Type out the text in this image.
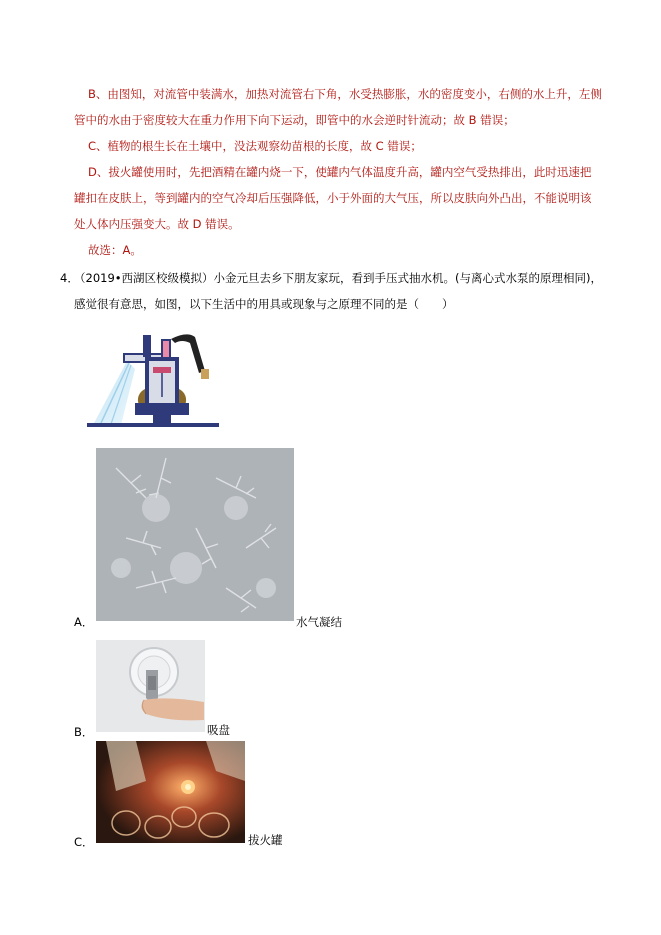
B、由图知，对流管中装满水，加热对流管右下角，水受热膨胀，水的密度变小，右侧的水上升，左侧
管中的水由于密度较大在重力作用下向下运动，即管中的水会逆时针流动；故 B 错误；
C、植物的根生长在土壤中，没法观察幼苗根的长度，故 C 错误；
D、拔火罐使用时，先把酒精在罐内烧一下，使罐内气体温度升高，罐内空气受热排出，此时迅速把
罐扣在皮肤上，等到罐内的空气冷却后压强降低，小于外面的大气压，所以皮肤向外凸出，不能说明该
处人体内压强变大。故 D 错误。
故选：A。
4．
（2019•西湖区校级模拟）小金元旦去乡下朋友家玩，看到手压式抽水机。(与离心式水泵的原理相同)，
感觉很有意思，如图，以下生活中的用具或现象与之原理不同的是（　　）
A．	水气凝结
B．	吸盘
C．	拔火罐
